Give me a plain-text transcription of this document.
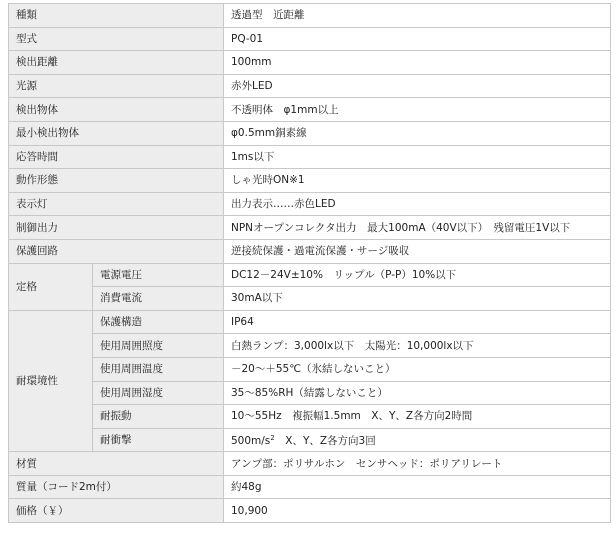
種類		透過型　近距離
型式		PQ-01
検出距離		100mm
光源		赤外LED
検出物体		不透明体　φ1mm以上
最小検出物体		φ0.5mm銅素線
応答時間		1ms以下
動作形態		しゃ光時ON※1
表示灯		出力表示……赤色LED
制御出力		NPNオープンコレクタ出力　最大100mA（40V以下）　残留電圧1V以下
保護回路		逆接続保護・過電流保護・サージ吸収
定格	電源電圧	DC12－24V±10%　リップル（P-P）10%以下
	消費電流	30mA以下
耐環境性	保護構造	IP64
	使用周囲照度	白熱ランプ：3,000lx以下　太陽光：10,000lx以下
	使用周囲温度	－20～＋55℃（氷結しないこと）
	使用周囲湿度	35～85%RH（結露しないこと）
	耐振動	10～55Hz　複振幅1.5mm　X、Y、Z各方向2時間
	耐衝撃	$500m/s^2$　X、Y、Z各方向3回
材質		アンプ部：ポリサルホン　センサヘッド：ポリアリレート
質量（コード2m付）		約48g
価格（￥）		10,900
